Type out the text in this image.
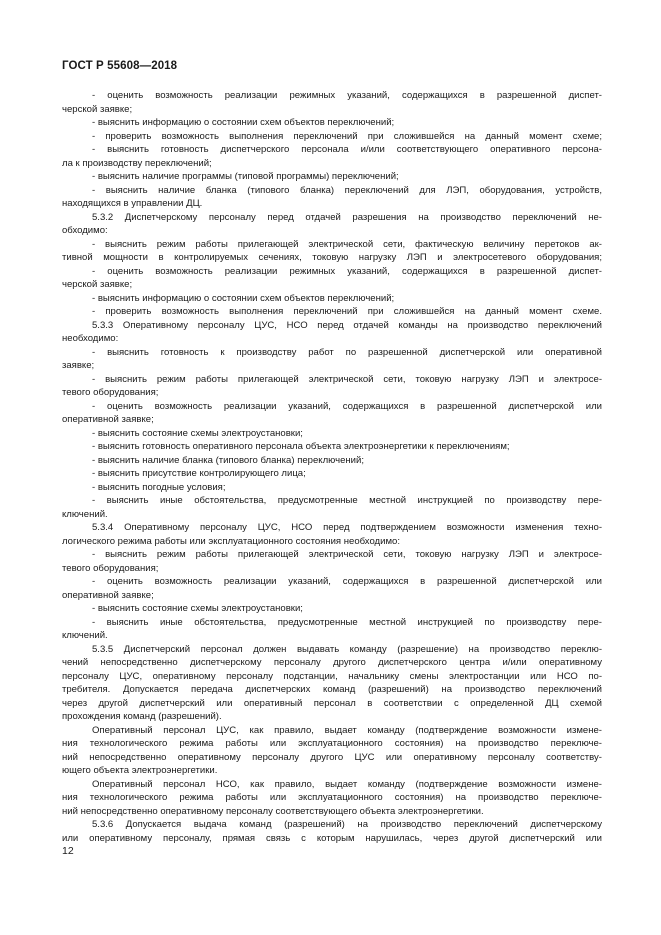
ГОСТ Р 55608—2018
- оценить возможность реализации режимных указаний, содержащихся в разрешенной диспет-
черской заявке;
- выяснить информацию о состоянии схем объектов переключений;
- проверить возможность выполнения переключений при сложившейся на данный момент схеме;
- выяснить готовность диспетчерского персонала и/или соответствующего оперативного персона-
ла к производству переключений;
- выяснить наличие программы (типовой программы) переключений;
- выяснить наличие бланка (типового бланка) переключений для ЛЭП, оборудования, устройств,
находящихся в управлении ДЦ.
5.3.2 Диспетчерскому персоналу перед отдачей разрешения на производство переключений не-
обходимо:
- выяснить режим работы прилегающей электрической сети, фактическую величину перетоков ак-
тивной мощности в контролируемых сечениях, токовую нагрузку ЛЭП и электросетевого оборудования;
- оценить возможность реализации режимных указаний, содержащихся в разрешенной диспет-
черской заявке;
- выяснить информацию о состоянии схем объектов переключений;
- проверить возможность выполнения переключений при сложившейся на данный момент схеме.
5.3.3 Оперативному персоналу ЦУС, НСО перед отдачей команды на производство переключений
необходимо:
- выяснить готовность к производству работ по разрешенной диспетчерской или оперативной
заявке;
- выяснить режим работы прилегающей электрической сети, токовую нагрузку ЛЭП и электросе-
тевого оборудования;
- оценить возможность реализации указаний, содержащихся в разрешенной диспетчерской или
оперативной заявке;
- выяснить состояние схемы электроустановки;
- выяснить готовность оперативного персонала объекта электроэнергетики к переключениям;
- выяснить наличие бланка (типового бланка) переключений;
- выяснить присутствие контролирующего лица;
- выяснить погодные условия;
- выяснить иные обстоятельства, предусмотренные местной инструкцией по производству пере-
ключений.
5.3.4 Оперативному персоналу ЦУС, НСО перед подтверждением возможности изменения техно-
логического режима работы или эксплуатационного состояния необходимо:
- выяснить режим работы прилегающей электрической сети, токовую нагрузку ЛЭП и электросе-
тевого оборудования;
- оценить возможность реализации указаний, содержащихся в разрешенной диспетчерской или
оперативной заявке;
- выяснить состояние схемы электроустановки;
- выяснить иные обстоятельства, предусмотренные местной инструкцией по производству пере-
ключений.
5.3.5 Диспетчерский персонал должен выдавать команду (разрешение) на производство переклю-
чений непосредственно диспетчерскому персоналу другого диспетчерского центра и/или оперативному
персоналу ЦУС, оперативному персоналу подстанции, начальнику смены электростанции или НСО по-
требителя. Допускается передача диспетчерских команд (разрешений) на производство переключений
через другой диспетчерский или оперативный персонал в соответствии с определенной ДЦ схемой
прохождения команд (разрешений).
Оперативный персонал ЦУС, как правило, выдает команду (подтверждение возможности измене-
ния технологического режима работы или эксплуатационного состояния) на производство переключе-
ний непосредственно оперативному персоналу другого ЦУС или оперативному персоналу соответству-
ющего объекта электроэнергетики.
Оперативный персонал НСО, как правило, выдает команду (подтверждение возможности измене-
ния технологического режима работы или эксплуатационного состояния) на производство переключе-
ний непосредственно оперативному персоналу соответствующего объекта электроэнергетики.
5.3.6 Допускается выдача команд (разрешений) на производство переключений диспетчерскому
или оперативному персоналу, прямая связь с которым нарушилась, через другой диспетчерский или
12
